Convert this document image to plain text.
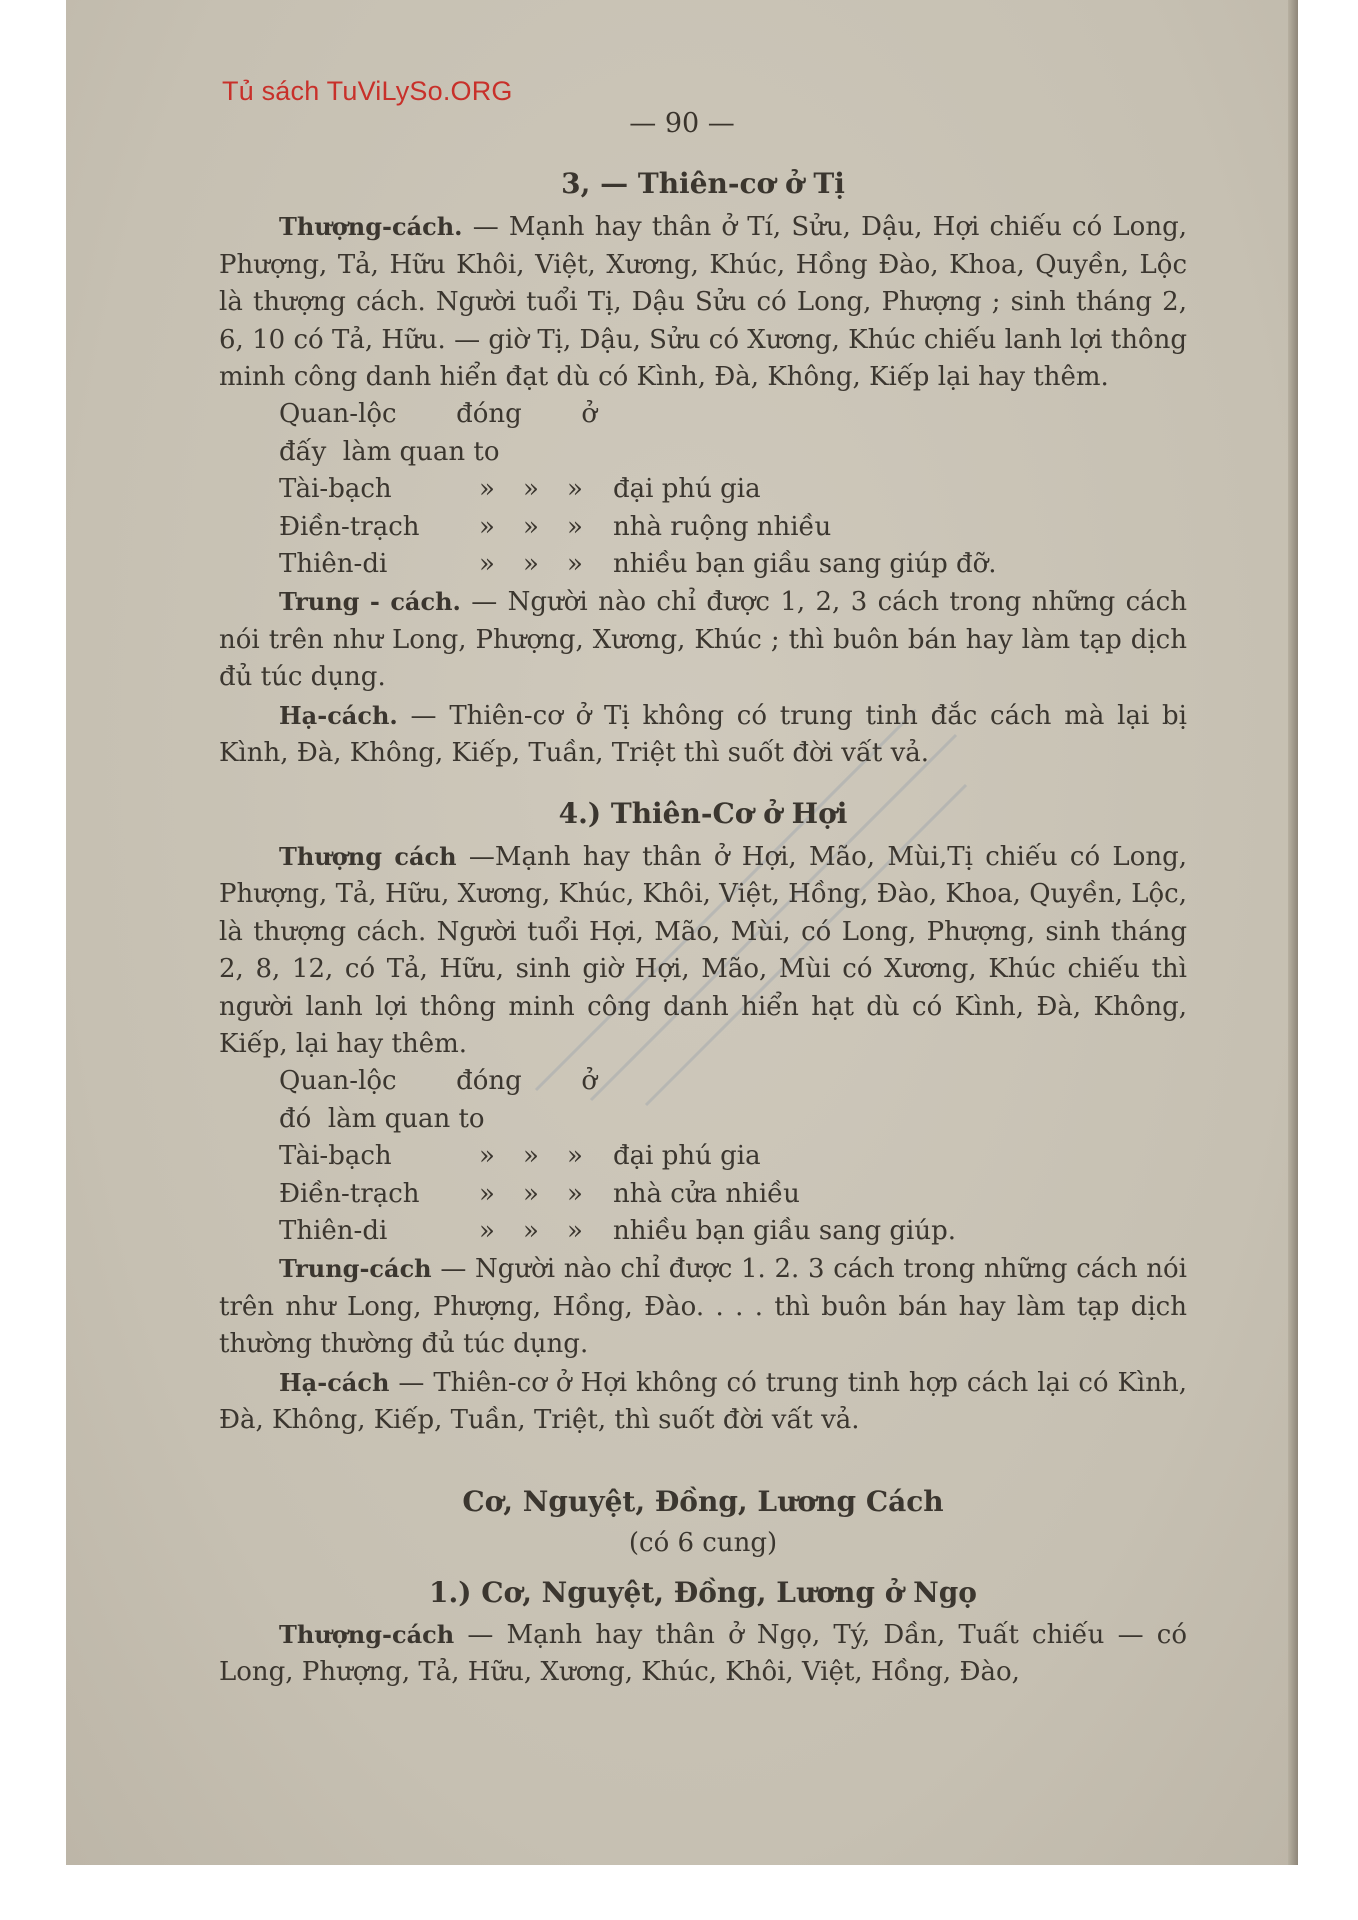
Tủ sách TuViLySo.ORG
— 90 —
3, — Thiên-cơ ở Tị

Thượng-cách. — Mạnh hay thân ở Tí, Sửu, Dậu, Hợi chiếu có Long, Phượng, Tả, Hữu Khôi, Việt, Xương, Khúc, Hồng Đào, Khoa, Quyền, Lộc là thượng cách. Người tuổi Tị, Dậu Sửu có Long, Phượng ; sinh tháng 2, 6, 10 có Tả, Hữu. — giờ Tị, Dậu, Sửu có Xương, Khúc chiếu lanh lợi thông minh công danh hiển đạt dù có Kình, Đà, Không, Kiếp lại hay thêm.

Quan-lộc đóng ở đấy làm quan to				
Tài-bạch	»	»	»	đại phú gia
Điền-trạch	»	»	»	nhà ruộng nhiều
Thiên-di	»	»	»	nhiều bạn giầu sang giúp đỡ.

Trung - cách. — Người nào chỉ được 1, 2, 3 cách trong những cách nói trên như Long, Phượng, Xương, Khúc ; thì buôn bán hay làm tạp dịch đủ túc dụng.

Hạ-cách. — Thiên-cơ ở Tị không có trung tinh đắc cách mà lại bị Kình, Đà, Không, Kiếp, Tuần, Triệt thì suốt đời vất vả.

4.) Thiên-Cơ ở Hợi

Thượng cách —Mạnh hay thân ở Hợi, Mão, Mùi,Tị chiếu có Long, Phượng, Tả, Hữu, Xương, Khúc, Khôi, Việt, Hồng, Đào, Khoa, Quyền, Lộc, là thượng cách. Người tuổi Hợi, Mão, Mùi, có Long, Phượng, sinh tháng 2, 8, 12, có Tả, Hữu, sinh giờ Hợi, Mão, Mùi có Xương, Khúc chiếu thì người lanh lợi thông minh công danh hiển hạt dù có Kình, Đà, Không, Kiếp, lại hay thêm.

Quan-lộc đóng ở đó làm quan to				
Tài-bạch	»	»	»	đại phú gia
Điền-trạch	»	»	»	nhà cửa nhiều
Thiên-di	»	»	»	nhiều bạn giầu sang giúp.

Trung-cách — Người nào chỉ được 1. 2. 3 cách trong những cách nói trên như Long, Phượng, Hồng, Đào. . . . thì buôn bán hay làm tạp dịch thường thường đủ túc dụng.

Hạ-cách — Thiên-cơ ở Hợi không có trung tinh hợp cách lại có Kình, Đà, Không, Kiếp, Tuần, Triệt, thì suốt đời vất vả.

Cơ, Nguyệt, Đồng, Lương Cách
(có 6 cung)
1.) Cơ, Nguyệt, Đồng, Lương ở Ngọ

Thượng-cách — Mạnh hay thân ở Ngọ, Tý, Dần, Tuất chiếu — có Long, Phượng, Tả, Hữu, Xương, Khúc, Khôi, Việt, Hồng, Đào,
